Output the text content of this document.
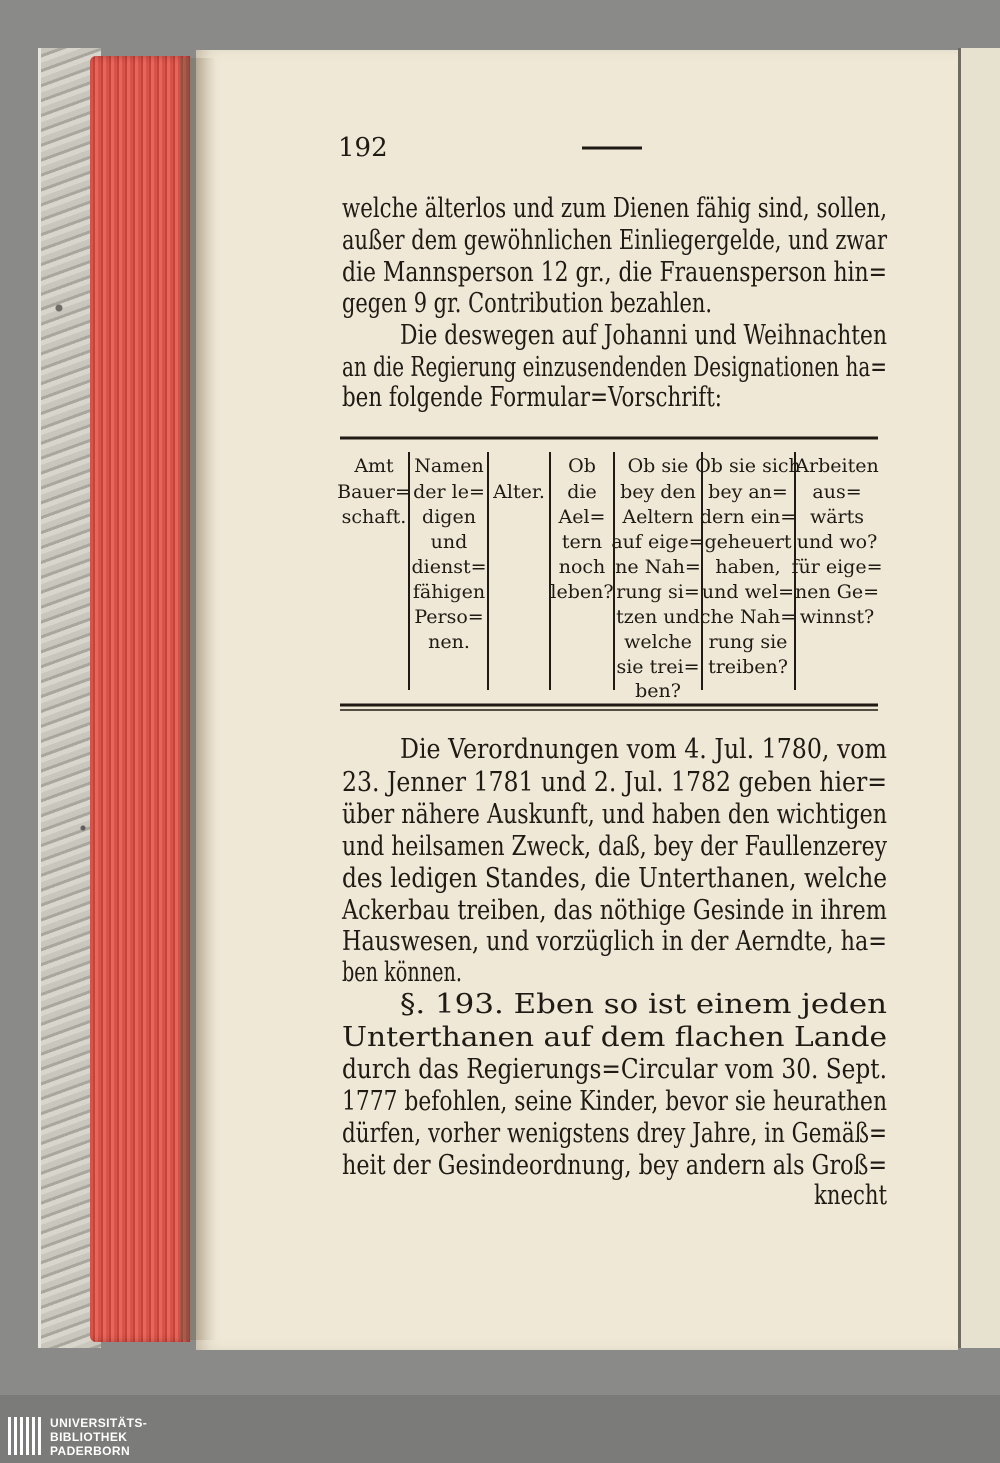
192
welche älterlos und zum Dienen fähig sind, sollen,
außer dem gewöhnlichen Einliegergelde, und zwar
die Mannsperson 12 gr., die Frauensperson hin=
gegen 9 gr. Contribution bezahlen.
Die deswegen auf Johanni und Weihnachten
an die Regierung einzusendenden Designationen ha=
ben folgende Formular=Vorschrift:
Amt
Bauer=
schaft.
Namen
der le=
digen
und
dienst=
fähigen
Perso=
nen.
Alter.
Ob
die
Ael=
tern
noch
leben?
Ob sie
bey den
Aeltern
auf eige=
ne Nah=
rung si=
tzen und
welche
sie trei=
ben?
Ob sie sich
bey an=
dern ein=
geheuert
haben,
und wel=
che Nah=
rung sie
treiben?
Arbeiten
aus=
wärts
und wo?
für eige=
nen Ge=
winnst?
Die Verordnungen vom 4. Jul. 1780, vom
23. Jenner 1781 und 2. Jul. 1782 geben hier=
über nähere Auskunft, und haben den wichtigen
und heilsamen Zweck, daß, bey der Faullenzerey
des ledigen Standes, die Unterthanen, welche
Ackerbau treiben, das nöthige Gesinde in ihrem
Hauswesen, und vorzüglich in der Aerndte, ha=
ben können.
§. 193. Eben so ist einem jeden
Unterthanen auf dem flachen Lande
durch das Regierungs=Circular vom 30. Sept.
1777 befohlen, seine Kinder, bevor sie heurathen
dürfen, vorher wenigstens drey Jahre, in Gemäß=
heit der Gesindeordnung, bey andern als Groß=
knecht
UNIVERSITÄTS-
BIBLIOTHEK
PADERBORN
